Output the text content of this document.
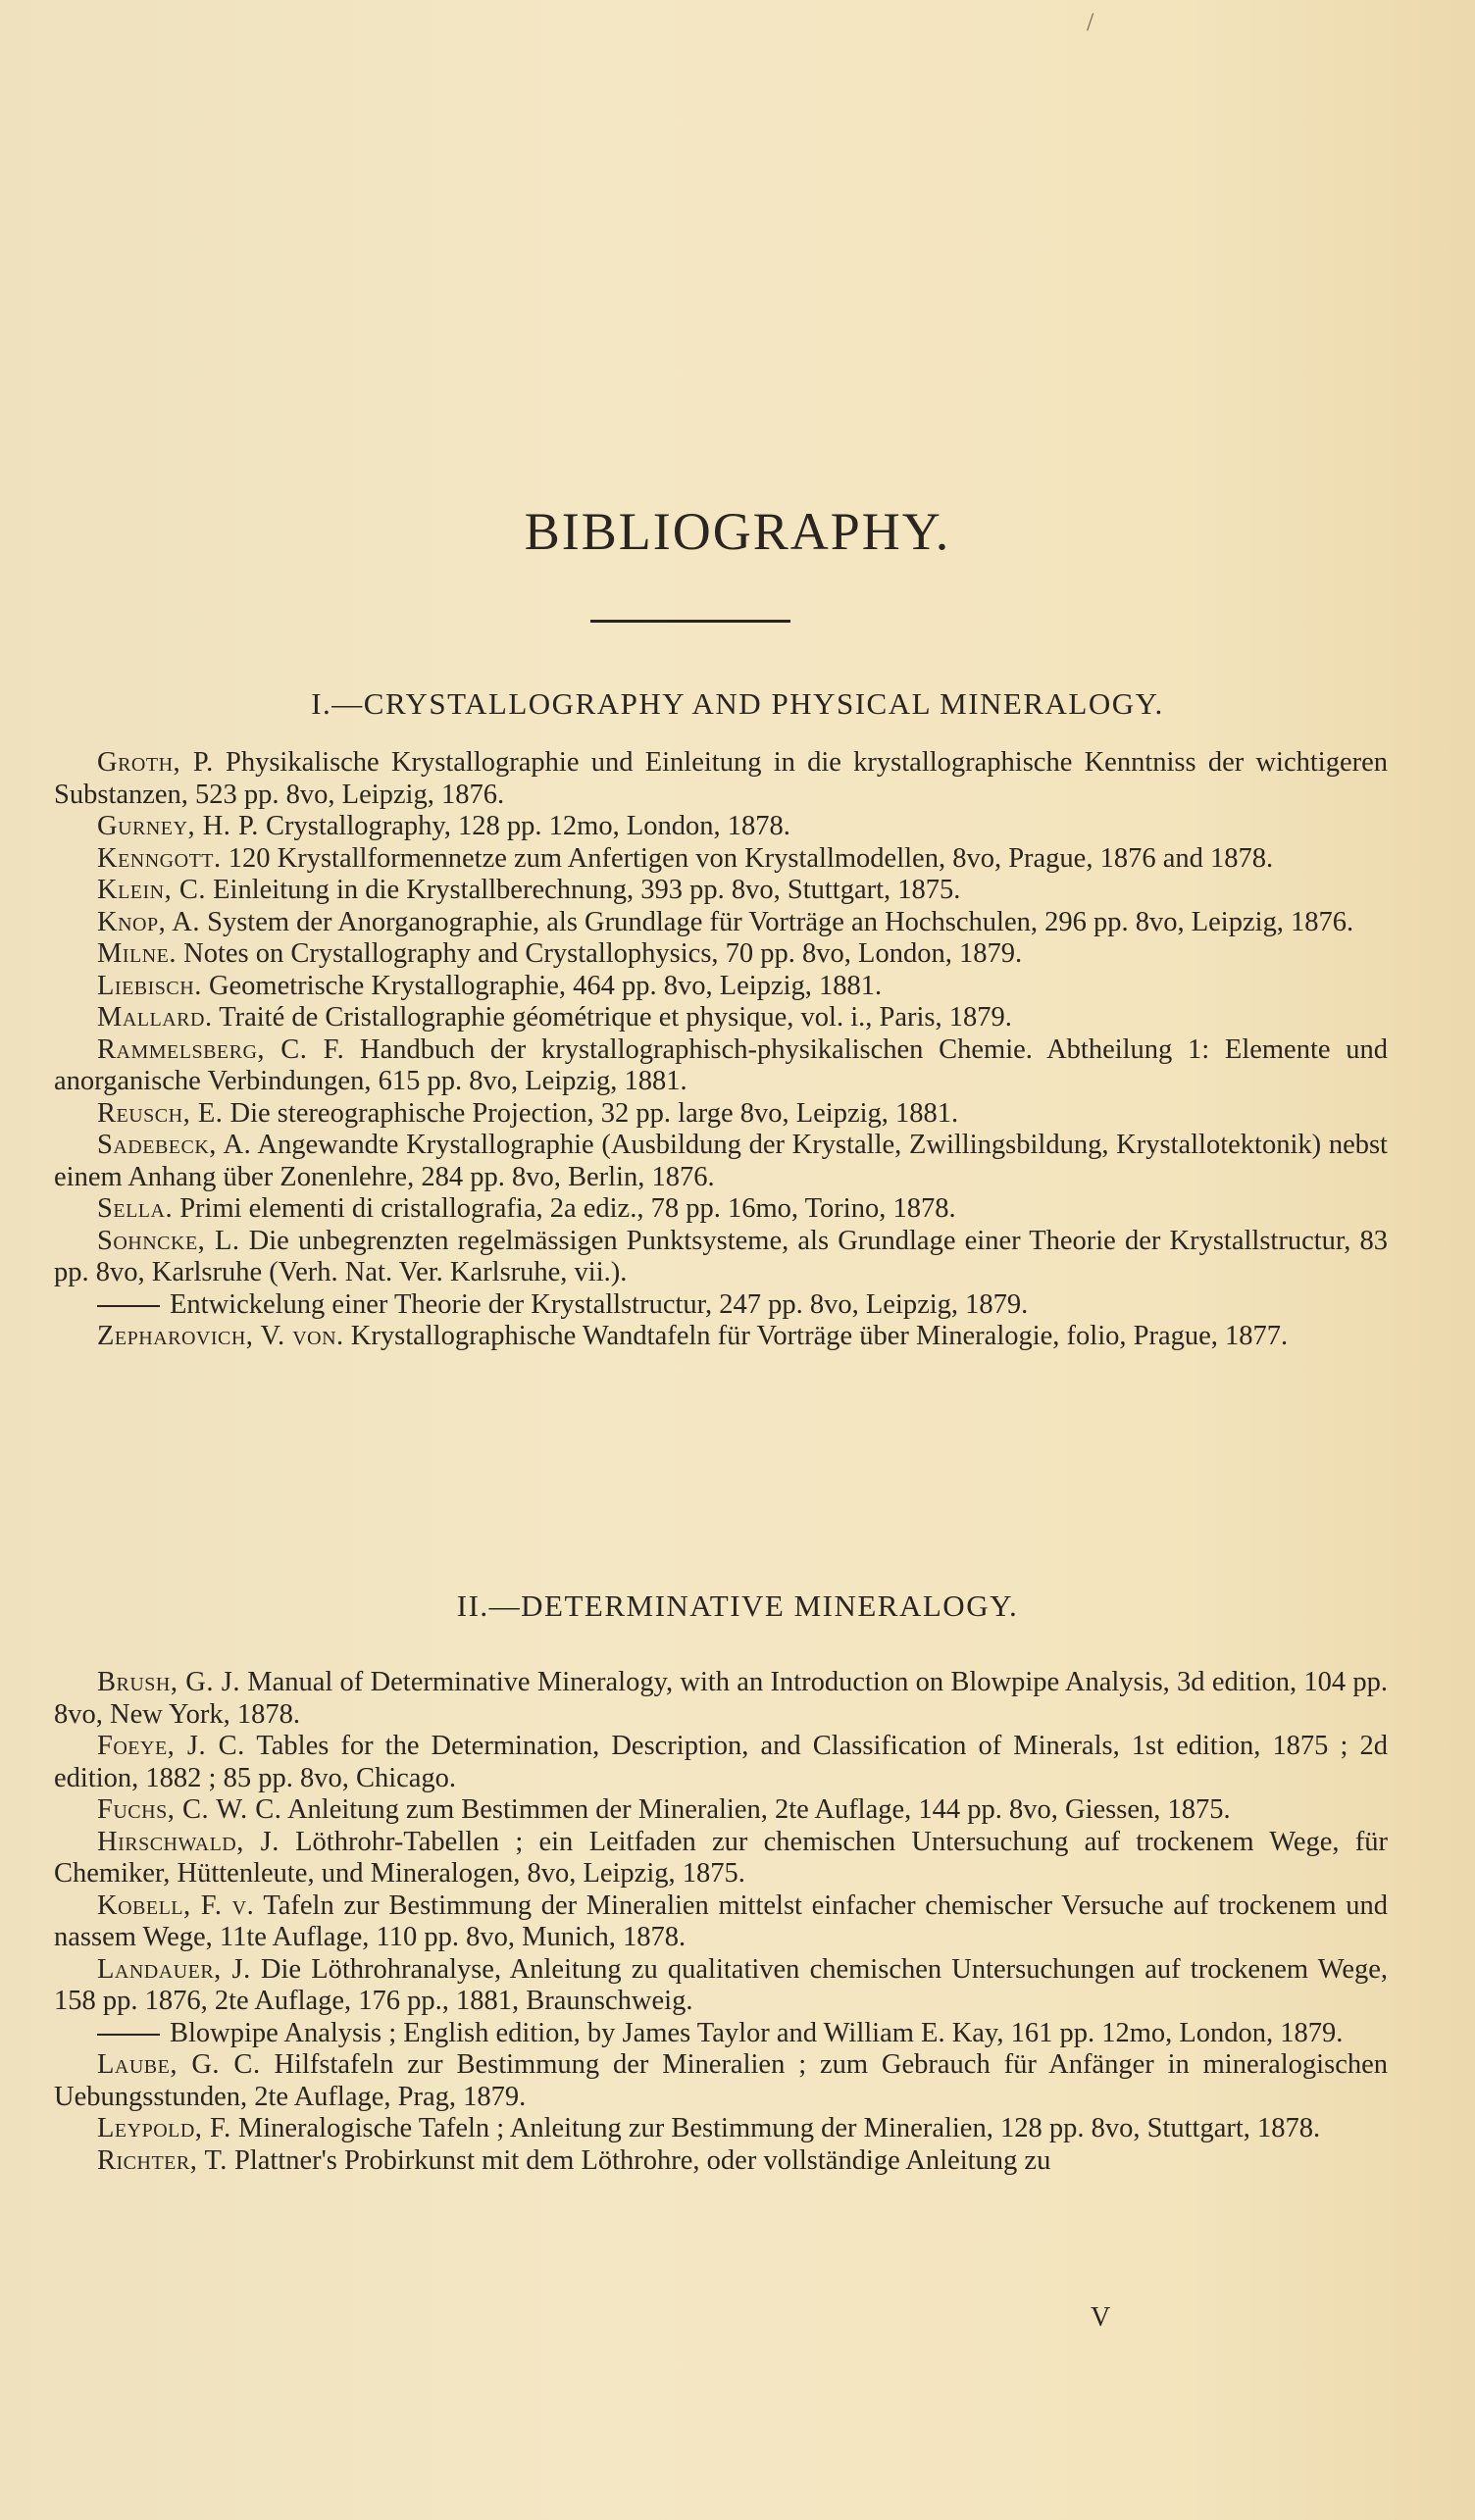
/
BIBLIOGRAPHY.
I.—CRYSTALLOGRAPHY AND PHYSICAL MINERALOGY.

Groth, P. Physikalische Krystallographie und Einleitung in die krystallographische Kenntniss der wichtigeren Substanzen, 523 pp. 8vo, Leipzig, 1876.

Gurney, H. P. Crystallography, 128 pp. 12mo, London, 1878.

Kenngott. 120 Krystallformennetze zum Anfertigen von Krystallmodellen, 8vo, Prague, 1876 and 1878.

Klein, C. Einleitung in die Krystallberechnung, 393 pp. 8vo, Stuttgart, 1875.

Knop, A. System der Anorganographie, als Grundlage für Vorträge an Hochschulen, 296 pp. 8vo, Leipzig, 1876.

Milne. Notes on Crystallography and Crystallophysics, 70 pp. 8vo, London, 1879.

Liebisch. Geometrische Krystallographie, 464 pp. 8vo, Leipzig, 1881.

Mallard. Traité de Cristallographie géométrique et physique, vol. i., Paris, 1879.

Rammelsberg, C. F. Handbuch der krystallographisch-physikalischen Chemie. Abtheilung 1: Elemente und anorganische Verbindungen, 615 pp. 8vo, Leipzig, 1881.

Reusch, E. Die stereographische Projection, 32 pp. large 8vo, Leipzig, 1881.

Sadebeck, A. Angewandte Krystallographie (Ausbildung der Krystalle, Zwillingsbildung, Krystallotektonik) nebst einem Anhang über Zonenlehre, 284 pp. 8vo, Berlin, 1876.

Sella. Primi elementi di cristallografia, 2a ediz., 78 pp. 16mo, Torino, 1878.

Sohncke, L. Die unbegrenzten regelmässigen Punktsysteme, als Grundlage einer Theorie der Krystallstructur, 83 pp. 8vo, Karlsruhe (Verh. Nat. Ver. Karlsruhe, vii.).

Entwickelung einer Theorie der Krystallstructur, 247 pp. 8vo, Leipzig, 1879.

Zepharovich, V. von. Krystallographische Wandtafeln für Vorträge über Mineralogie, folio, Prague, 1877.

II.—DETERMINATIVE MINERALOGY.

Brush, G. J. Manual of Determinative Mineralogy, with an Introduction on Blowpipe Analysis, 3d edition, 104 pp. 8vo, New York, 1878.

Foeye, J. C. Tables for the Determination, Description, and Classification of Minerals, 1st edition, 1875 ; 2d edition, 1882 ; 85 pp. 8vo, Chicago.

Fuchs, C. W. C. Anleitung zum Bestimmen der Mineralien, 2te Auflage, 144 pp. 8vo, Giessen, 1875.

Hirschwald, J. Löthrohr-Tabellen ; ein Leitfaden zur chemischen Untersuchung auf trockenem Wege, für Chemiker, Hüttenleute, und Mineralogen, 8vo, Leipzig, 1875.

Kobell, F. v. Tafeln zur Bestimmung der Mineralien mittelst einfacher chemischer Versuche auf trockenem und nassem Wege, 11te Auflage, 110 pp. 8vo, Munich, 1878.

Landauer, J. Die Löthrohranalyse, Anleitung zu qualitativen chemischen Untersuchungen auf trockenem Wege, 158 pp. 1876, 2te Auflage, 176 pp., 1881, Braunschweig.

Blowpipe Analysis ; English edition, by James Taylor and William E. Kay, 161 pp. 12mo, London, 1879.

Laube, G. C. Hilfstafeln zur Bestimmung der Mineralien ; zum Gebrauch für Anfänger in mineralogischen Uebungsstunden, 2te Auflage, Prag, 1879.

Leypold, F. Mineralogische Tafeln ; Anleitung zur Bestimmung der Mineralien, 128 pp. 8vo, Stuttgart, 1878.

Richter, T. Plattner's Probirkunst mit dem Löthrohre, oder vollständige Anleitung zu

V
